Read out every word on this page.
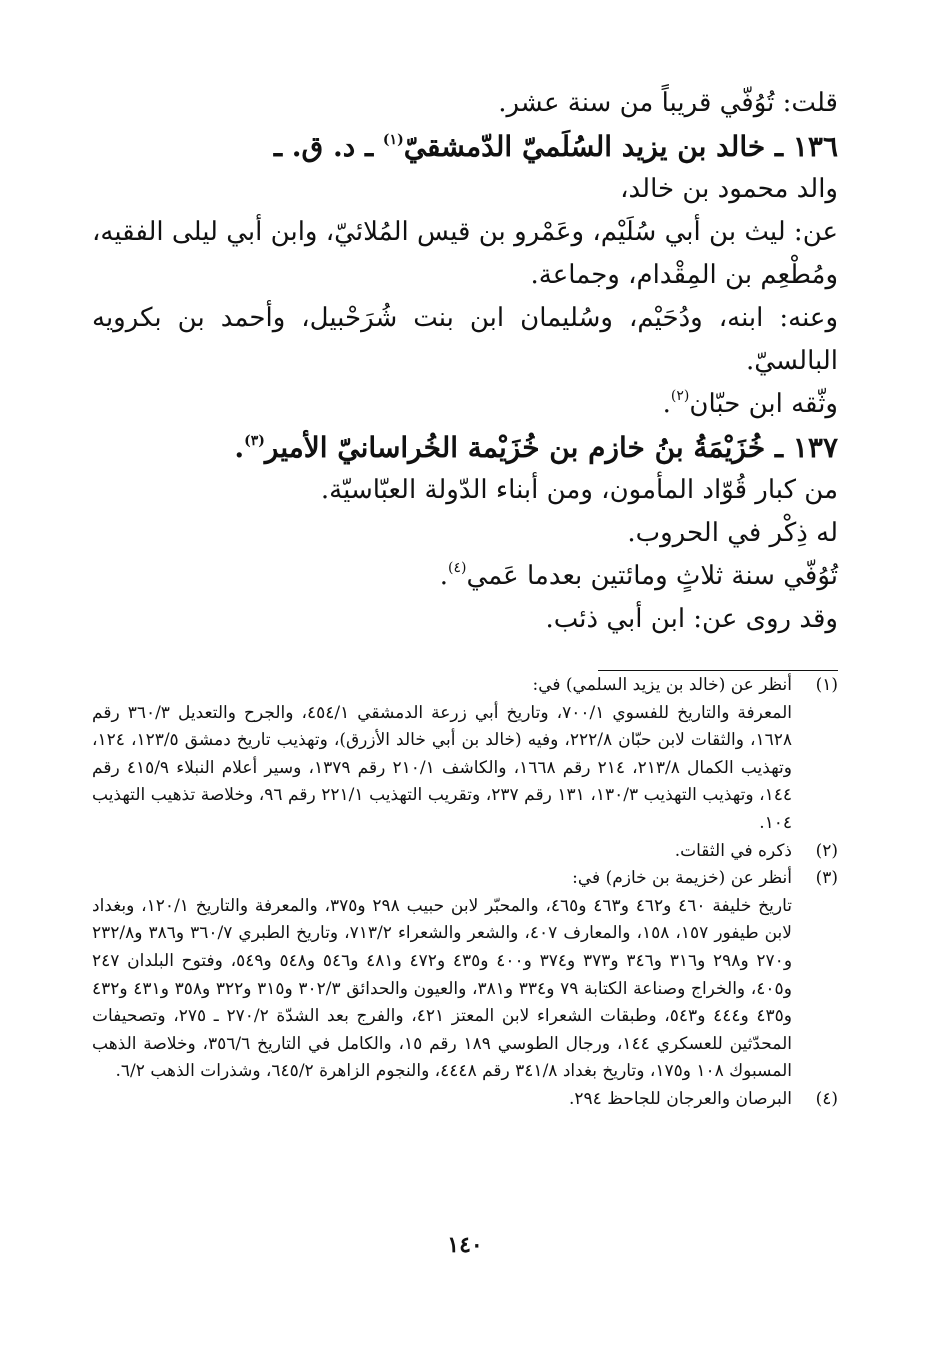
قلت: تُوُفّي قريباً من سنة عشر.

١٣٦ ـ خالد بن يزيد السُلَميّ الدّمشقيّ$^{(١)}$ ـ د. ق. ـ

والد محمود بن خالد،

عن: ليث بن أبي سُلَيْم، وعَمْرو بن قيس المُلائيّ، وابن أبي ليلى الفقيه، ومُطْعِم بن المِقْدام، وجماعة.

وعنه: ابنه، ودُحَيْم، وسُليمان ابن بنت شُرَحْبيل، وأحمد بن بكرويه البالسيّ.

وثّقه ابن حبّان$^{(٢)}$.

١٣٧ ـ خُزَيْمَةُ بنُ خازم بن خُزَيْمة الخُراسانيّ الأمير$^{(٣)}$.

من كبار قُوّاد المأمون، ومن أبناء الدّولة العبّاسيّة.

له ذِكْر في الحروب.

تُوُفّي سنة ثلاثٍ ومائتين بعدما عَمي$^{(٤)}$.

وقد روى عن: ابن أبي ذئب.

(١)

أنظر عن (خالد بن يزيد السلمي) في:

المعرفة والتاريخ للفسوي ٧٠٠/١، وتاريخ أبي زرعة الدمشقي ٤٥٤/١، والجرح والتعديل ٣٦٠/٣ رقم ١٦٢٨، والثقات لابن حبّان ٢٢٢/٨، وفيه (خالد بن أبي خالد الأزرق)، وتهذيب تاريخ دمشق ١٢٣/٥، ١٢٤، وتهذيب الكمال ٢١٣/٨، ٢١٤ رقم ١٦٦٨، والكاشف ٢١٠/١ رقم ١٣٧٩، وسير أعلام النبلاء ٤١٥/٩ رقم ١٤٤، وتهذيب التهذيب ١٣٠/٣، ١٣١ رقم ٢٣٧، وتقريب التهذيب ٢٢١/١ رقم ٩٦، وخلاصة تذهيب التهذيب ١٠٤.

(٢)

ذكره في الثقات.

(٣)

أنظر عن (خزيمة بن خازم) في:

تاريخ خليفة ٤٦٠ و٤٦٢ و٤٦٣ و٤٦٥، والمحبّر لابن حبيب ٢٩٨ و٣٧٥، والمعرفة والتاريخ ١٢٠/١، وبغداد لابن طيفور ١٥٧، ١٥٨، والمعارف ٤٠٧، والشعر والشعراء ٧١٣/٢، وتاريخ الطبري ٣٦٠/٧ و٣٨٦ و٢٣٢/٨ و٢٧٠ و٢٩٨ و٣١٦ و٣٤٦ و٣٧٣ و٣٧٤ و٤٠٠ و٤٣٥ و٤٧٢ و٤٨١ و٥٤٦ و٥٤٨ و٥٤٩، وفتوح البلدان ٢٤٧ و٤٠٥، والخراج وصناعة الكتابة ٧٩ و٣٣٤ و٣٨١، والعيون والحدائق ٣٠٢/٣ و٣١٥ و٣٢٢ و٣٥٨ و٤٣١ و٤٣٢ و٤٣٥ و٤٤٤ و٥٤٣، وطبقات الشعراء لابن المعتز ٤٢١، والفرج بعد الشدّة ٢٧٠/٢ ـ ٢٧٥، وتصحيفات المحدّثين للعسكري ١٤٤، ورجال الطوسي ١٨٩ رقم ١٥، والكامل في التاريخ ٣٥٦/٦، وخلاصة الذهب المسبوك ١٠٨ و١٧٥، وتاريخ بغداد ٣٤١/٨ رقم ٤٤٤٨، والنجوم الزاهرة ٦٤٥/٢، وشذرات الذهب ٦/٢.

(٤)

البرصان والعرجان للجاحظ ٢٩٤.

١٤٠
